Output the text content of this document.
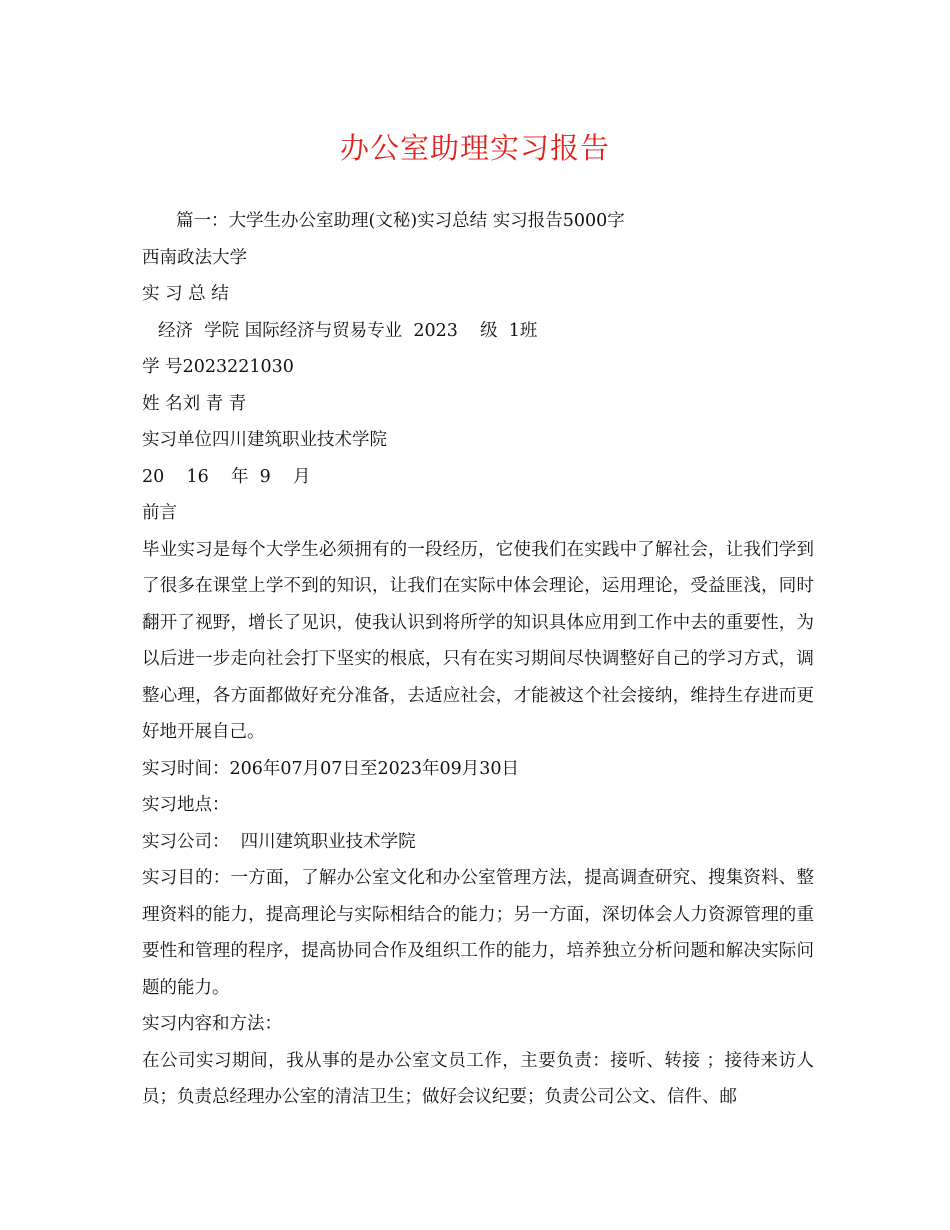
办公室助理实习报告

篇一：大学生办公室助理(文秘)实习总结 实习报告5000字

西南政法大学

实 习 总 结

经济  学院 国际经济与贸易专业  2023    级  1班

学 号2023221030

姓 名刘 青 青

实习单位四川建筑职业技术学院

20    16    年  9    月

前言

毕业实习是每个大学生必须拥有的一段经历，它使我们在实践中了解社会，让我们学到了很多在课堂上学不到的知识，让我们在实际中体会理论，运用理论，受益匪浅，同时翻开了视野，增长了见识，使我认识到将所学的知识具体应用到工作中去的重要性，为以后进一步走向社会打下坚实的根底，只有在实习期间尽快调整好自己的学习方式，调整心理，各方面都做好充分准备，去适应社会，才能被这个社会接纳，维持生存进而更好地开展自己。

实习时间：206年07月07日至2023年09月30日

实习地点：

实习公司：  四川建筑职业技术学院

实习目的：一方面，了解办公室文化和办公室管理方法，提高调查研究、搜集资料、整理资料的能力，提高理论与实际相结合的能力；另一方面，深切体会人力资源管理的重要性和管理的程序，提高协同合作及组织工作的能力，培养独立分析问题和解决实际问题的能力。

实习内容和方法：

在公司实习期间，我从事的是办公室文员工作，主要负责：接听、转接 ；接待来访人员；负责总经理办公室的清洁卫生；做好会议纪要；负责公司公文、信件、邮
